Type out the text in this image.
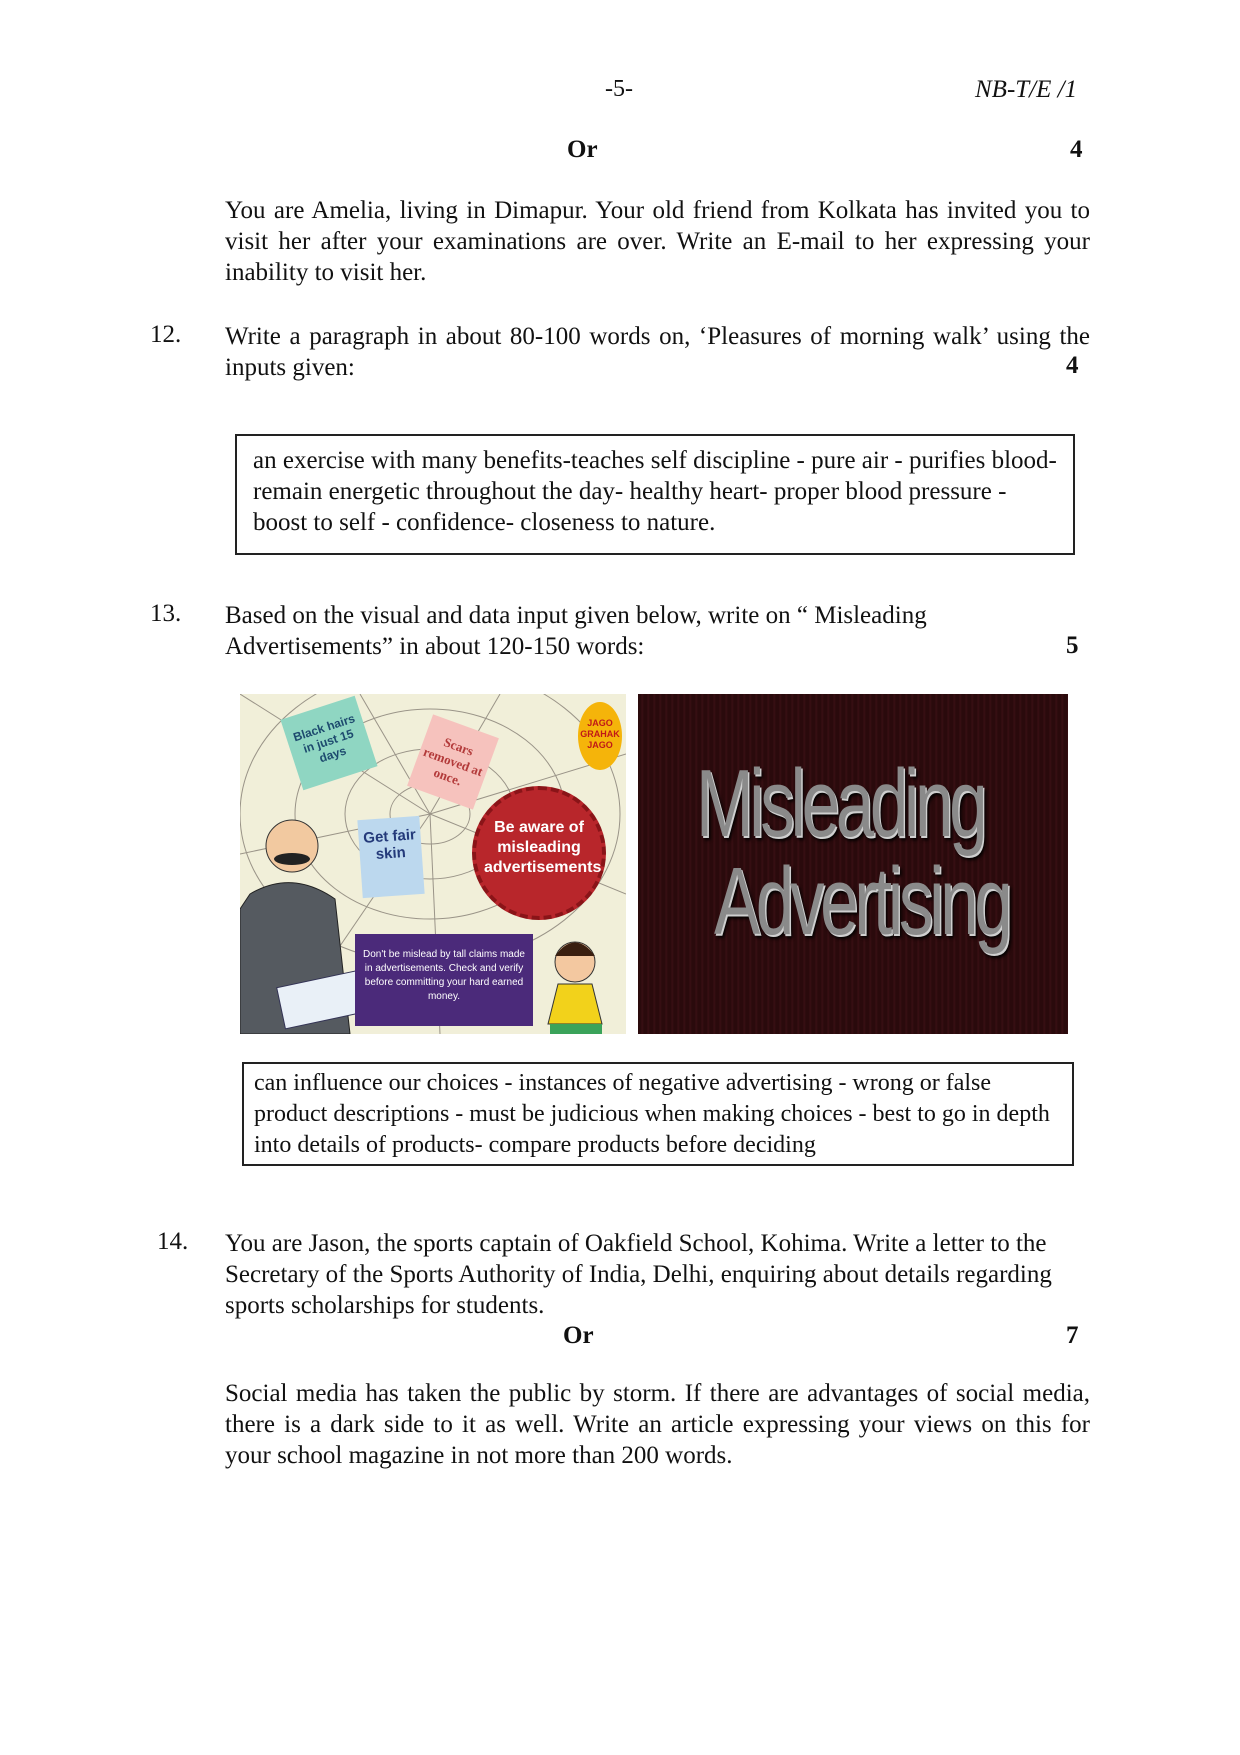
-5-	NB-T/E /1
Or	4
You are Amelia, living in Dimapur. Your old friend from Kolkata has invited you to visit her after your examinations are over. Write an E-mail to her expressing your inability to visit her.
12. Write a paragraph in about 80-100 words on, ‘Pleasures of morning walk’ using the inputs given:	4
an exercise with many benefits-teaches self discipline - pure air - purifies blood-remain energetic throughout the day- healthy heart- proper blood pressure - boost to self - confidence- closeness to nature.
13. Based on the visual and data input given below, write on “ Misleading Advertisements” in about 120-150 words:	5
Black hairs in just 15 days	Scars removed at once.
Get fair skin
Be aware of misleading advertisements
JAGO GRAHAK JAGO
Don't be mislead by tall claims made in advertisements. Check and verify before committing your hard earned money.
Misleading
Advertising
can influence our choices - instances of negative advertising - wrong or false product descriptions - must be judicious when making choices - best to go in depth into details of products- compare products before deciding
14. You are Jason, the sports captain of Oakfield School, Kohima. Write a letter to the Secretary of the Sports Authority of India, Delhi, enquiring about details regarding sports scholarships for students.
Or	7
Social media has taken the public by storm. If there are advantages of social media, there is a dark side to it as well. Write an article expressing your views on this for your school magazine in not more than 200 words.
